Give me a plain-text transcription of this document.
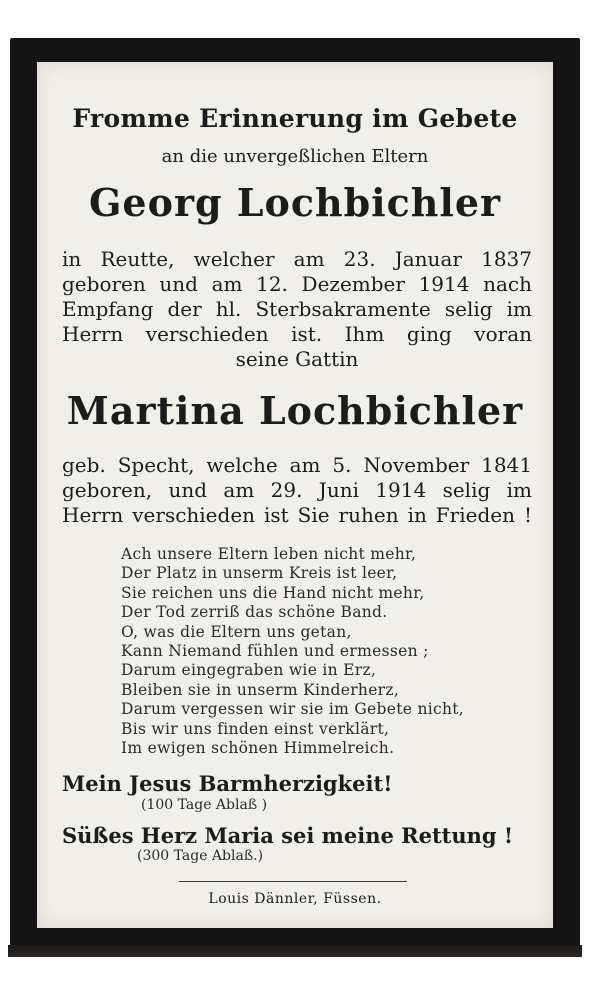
Fromme Erinnerung im Gebete
an die unvergeßlichen Eltern
Georg Lochbichler
in Reutte, welcher am 23. Januar 1837
geboren und am 12. Dezember 1914 nach
Empfang der hl. Sterbsakramente selig im
Herrn verschieden ist. Ihm ging voran
seine Gattin
Martina Lochbichler
geb. Specht, welche am 5. November 1841
geboren, und am 29. Juni 1914 selig im
Herrn verschieden ist Sie ruhen in Frieden !
Ach unsere Eltern leben nicht mehr,
Der Platz in unserm Kreis ist leer,
Sie reichen uns die Hand nicht mehr,
Der Tod zerriß das schöne Band.
O, was die Eltern uns getan,
Kann Niemand fühlen und ermessen ;
Darum eingegraben wie in Erz,
Bleiben sie in unserm Kinderherz,
Darum vergessen wir sie im Gebete nicht,
Bis wir uns finden einst verklärt,
Im ewigen schönen Himmelreich.
Mein Jesus Barmherzigkeit!
(100 Tage Ablaß )
Süßes Herz Maria sei meine Rettung !
(300 Tage Ablaß.)
Louis Dännler, Füssen.
